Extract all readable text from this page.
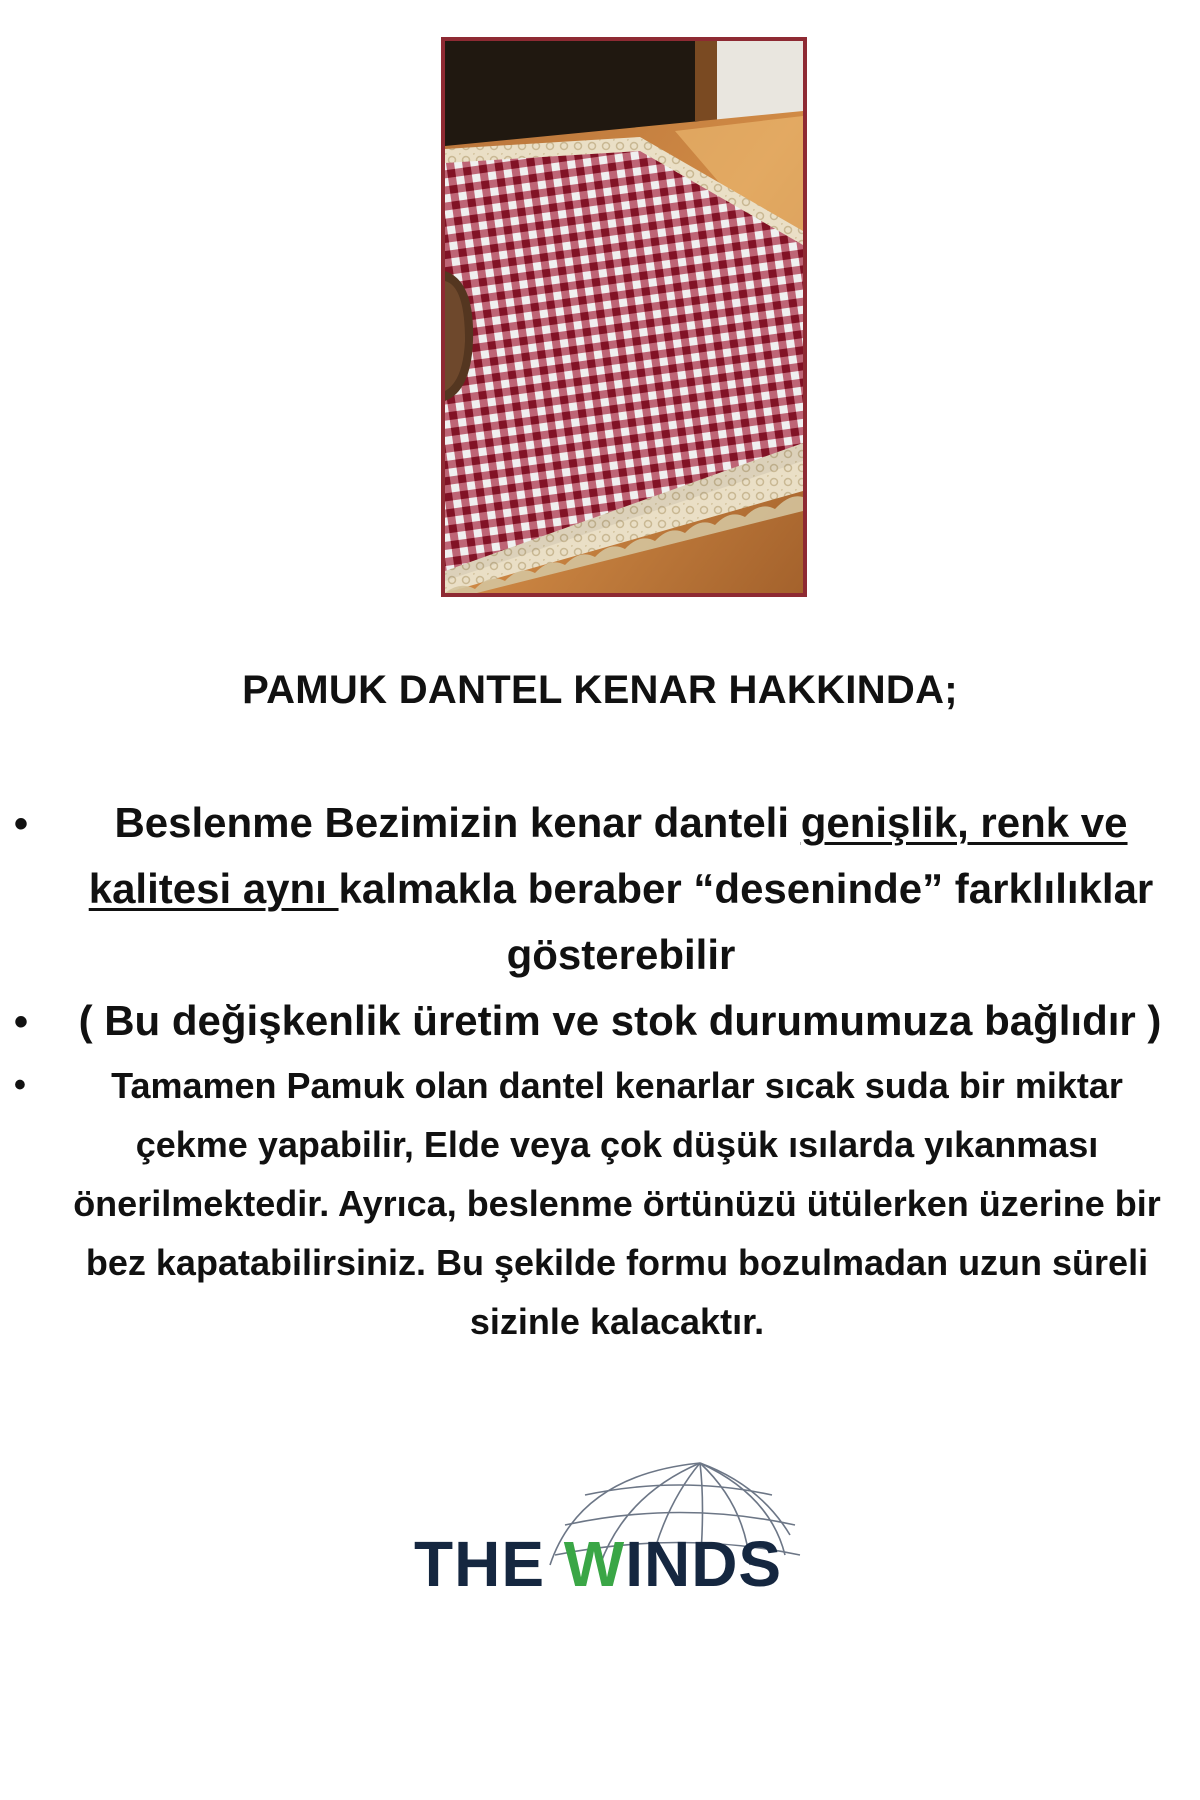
PAMUK DANTEL KENAR HAKKINDA;
• Beslenme Bezimizin kenar danteli genişlik, renk ve kalitesi aynı kalmakla beraber “deseninde” farklılıklar gösterebilir
• ( Bu değişkenlik üretim ve stok durumumuza bağlıdır )
• Tamamen Pamuk olan dantel kenarlar sıcak suda bir miktar çekme yapabilir, Elde veya çok düşük ısılarda yıkanması önerilmektedir. Ayrıca, beslenme örtünüzü ütülerken üzerine bir bez kapatabilirsiniz. Bu şekilde formu bozulmadan uzun süreli sizinle kalacaktır.
THE WINDS
